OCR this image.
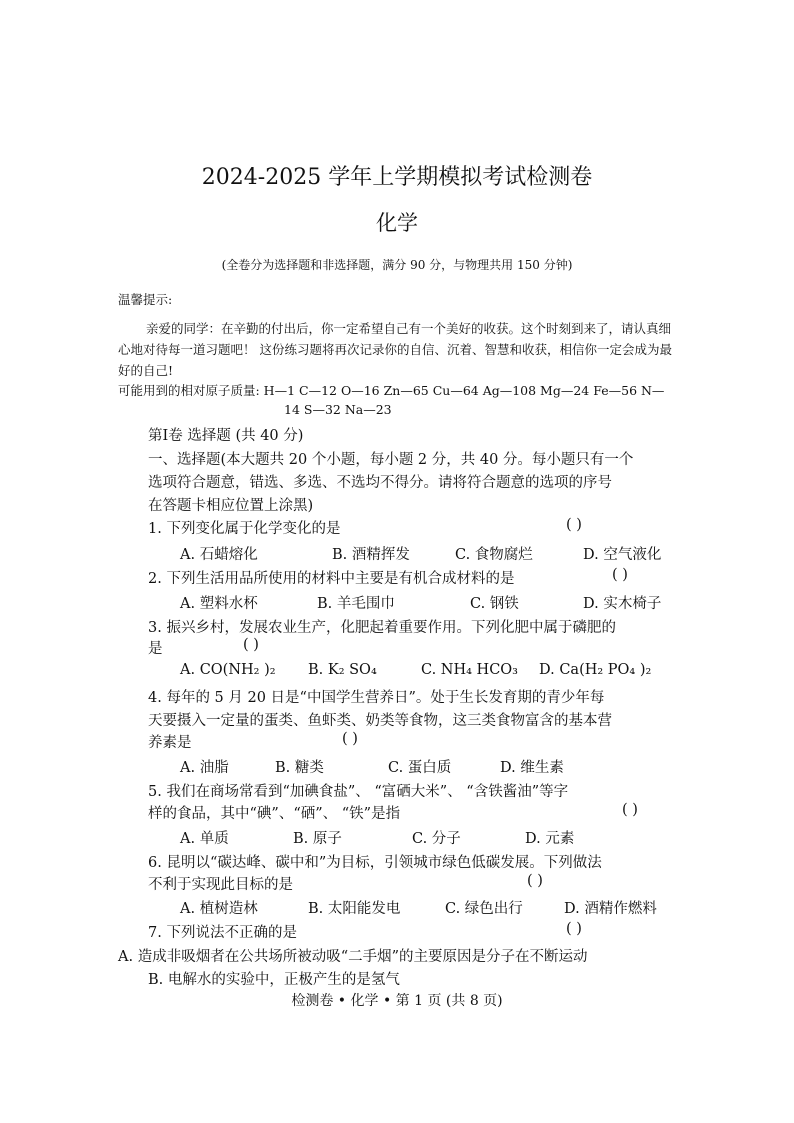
2024-2025 学年上学期模拟考试检测卷
化学
(全卷分为选择题和非选择题，满分 90 分，与物理共用 150 分钟)
温馨提示:
亲爱的同学：在辛勤的付出后，你一定希望自己有一个美好的收获。这个时刻到来了，请认真细心地对待每一道习题吧！ 这份练习题将再次记录你的自信、沉着、智慧和收获，相信你一定会成为最好的自己!
可能用到的相对原子质量: H—1 C—12 O—16 Zn—65 Cu—64 Ag—108 Mg—24 Fe—56 N—
14 S—32 Na—23
第Ⅰ卷 选择题 (共 40 分)
一、选择题(本大题共 20 个小题，每小题 2 分，共 40 分。每小题只有一个
选项符合题意，错选、多选、不选均不得分。请将符合题意的选项的序号
在答题卡相应位置上涂黑)
1. 下列变化属于化学变化的是	( )
A. 石蜡熔化	B. 酒精挥发	C. 食物腐烂	D. 空气液化
2. 下列生活用品所使用的材料中主要是有机合成材料的是	( )
A. 塑料水杯	B. 羊毛围巾	C. 钢铁	D. 实木椅子
3. 振兴乡村，发展农业生产，化肥起着重要作用。下列化肥中属于磷肥的
是	( )
A. CO(NH₂ )₂ B. K₂ SO₄	C. NH₄ HCO₃ D. Ca(H₂ PO₄ )₂
4. 每年的 5 月 20 日是“中国学生营养日”。处于生长发育期的青少年每
天要摄入一定量的蛋类、鱼虾类、奶类等食物，这三类食物富含的基本营
养素是	( )
A. 油脂	B. 糖类	C. 蛋白质	D. 维生素
5. 我们在商场常看到“加碘食盐”、 “富硒大米”、 “含铁酱油”等字
样的食品，其中“碘”、“硒”、 “铁”是指	( )
A. 单质	B. 原子	C. 分子	D. 元素
6. 昆明以“碳达峰、碳中和”为目标，引领城市绿色低碳发展。下列做法
不利于实现此目标的是	( )
A. 植树造林	B. 太阳能发电	C. 绿色出行	D. 酒精作燃料
7. 下列说法不正确的是	( )
A. 造成非吸烟者在公共场所被动吸“二手烟”的主要原因是分子在不断运动
B. 电解水的实验中，正极产生的是氢气
检测卷 • 化学 • 第 1 页 (共 8 页)
